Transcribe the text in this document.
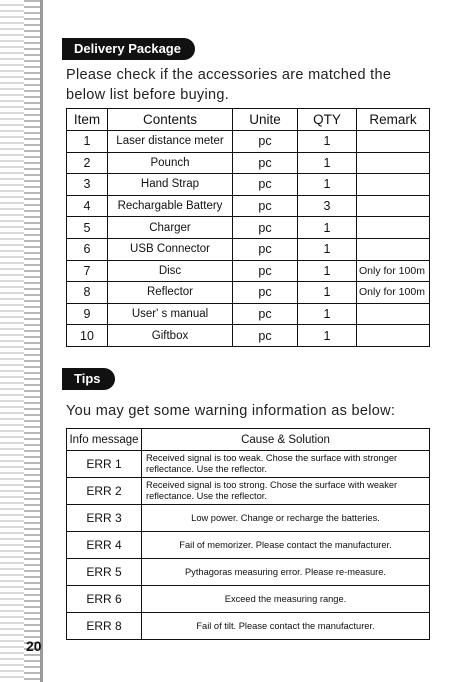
Delivery Package
Please check if the accessories are matched the
below list before buying.
Item	Contents	Unite	QTY	Remark
1	Laser distance meter	pc	1	
2	Pounch	pc	1	
3	Hand Strap	pc	1	
4	Rechargable Battery	pc	3	
5	Charger	pc	1	
6	USB Connector	pc	1	
7	Disc	pc	1	Only for 100m
8	Reflector	pc	1	Only for 100m
9	User' s manual	pc	1	
10	Giftbox	pc	1	
Tips
You may get some warning information as below:
Info message	Cause & Solution
ERR 1	Received signal is too weak. Chose the surface with stronger
reflectance. Use the reflector.

ERR 2	Received signal is too strong. Chose the surface with weaker
reflectance. Use the reflector.

ERR 3	Low power. Change or recharge the batteries.
ERR 4	Fail of memorizer. Please contact the manufacturer.
ERR 5	Pythagoras measuring error. Please re-measure.
ERR 6	Exceed the measuring range.
ERR 8	Fail of tilt. Please contact the manufacturer.
20
